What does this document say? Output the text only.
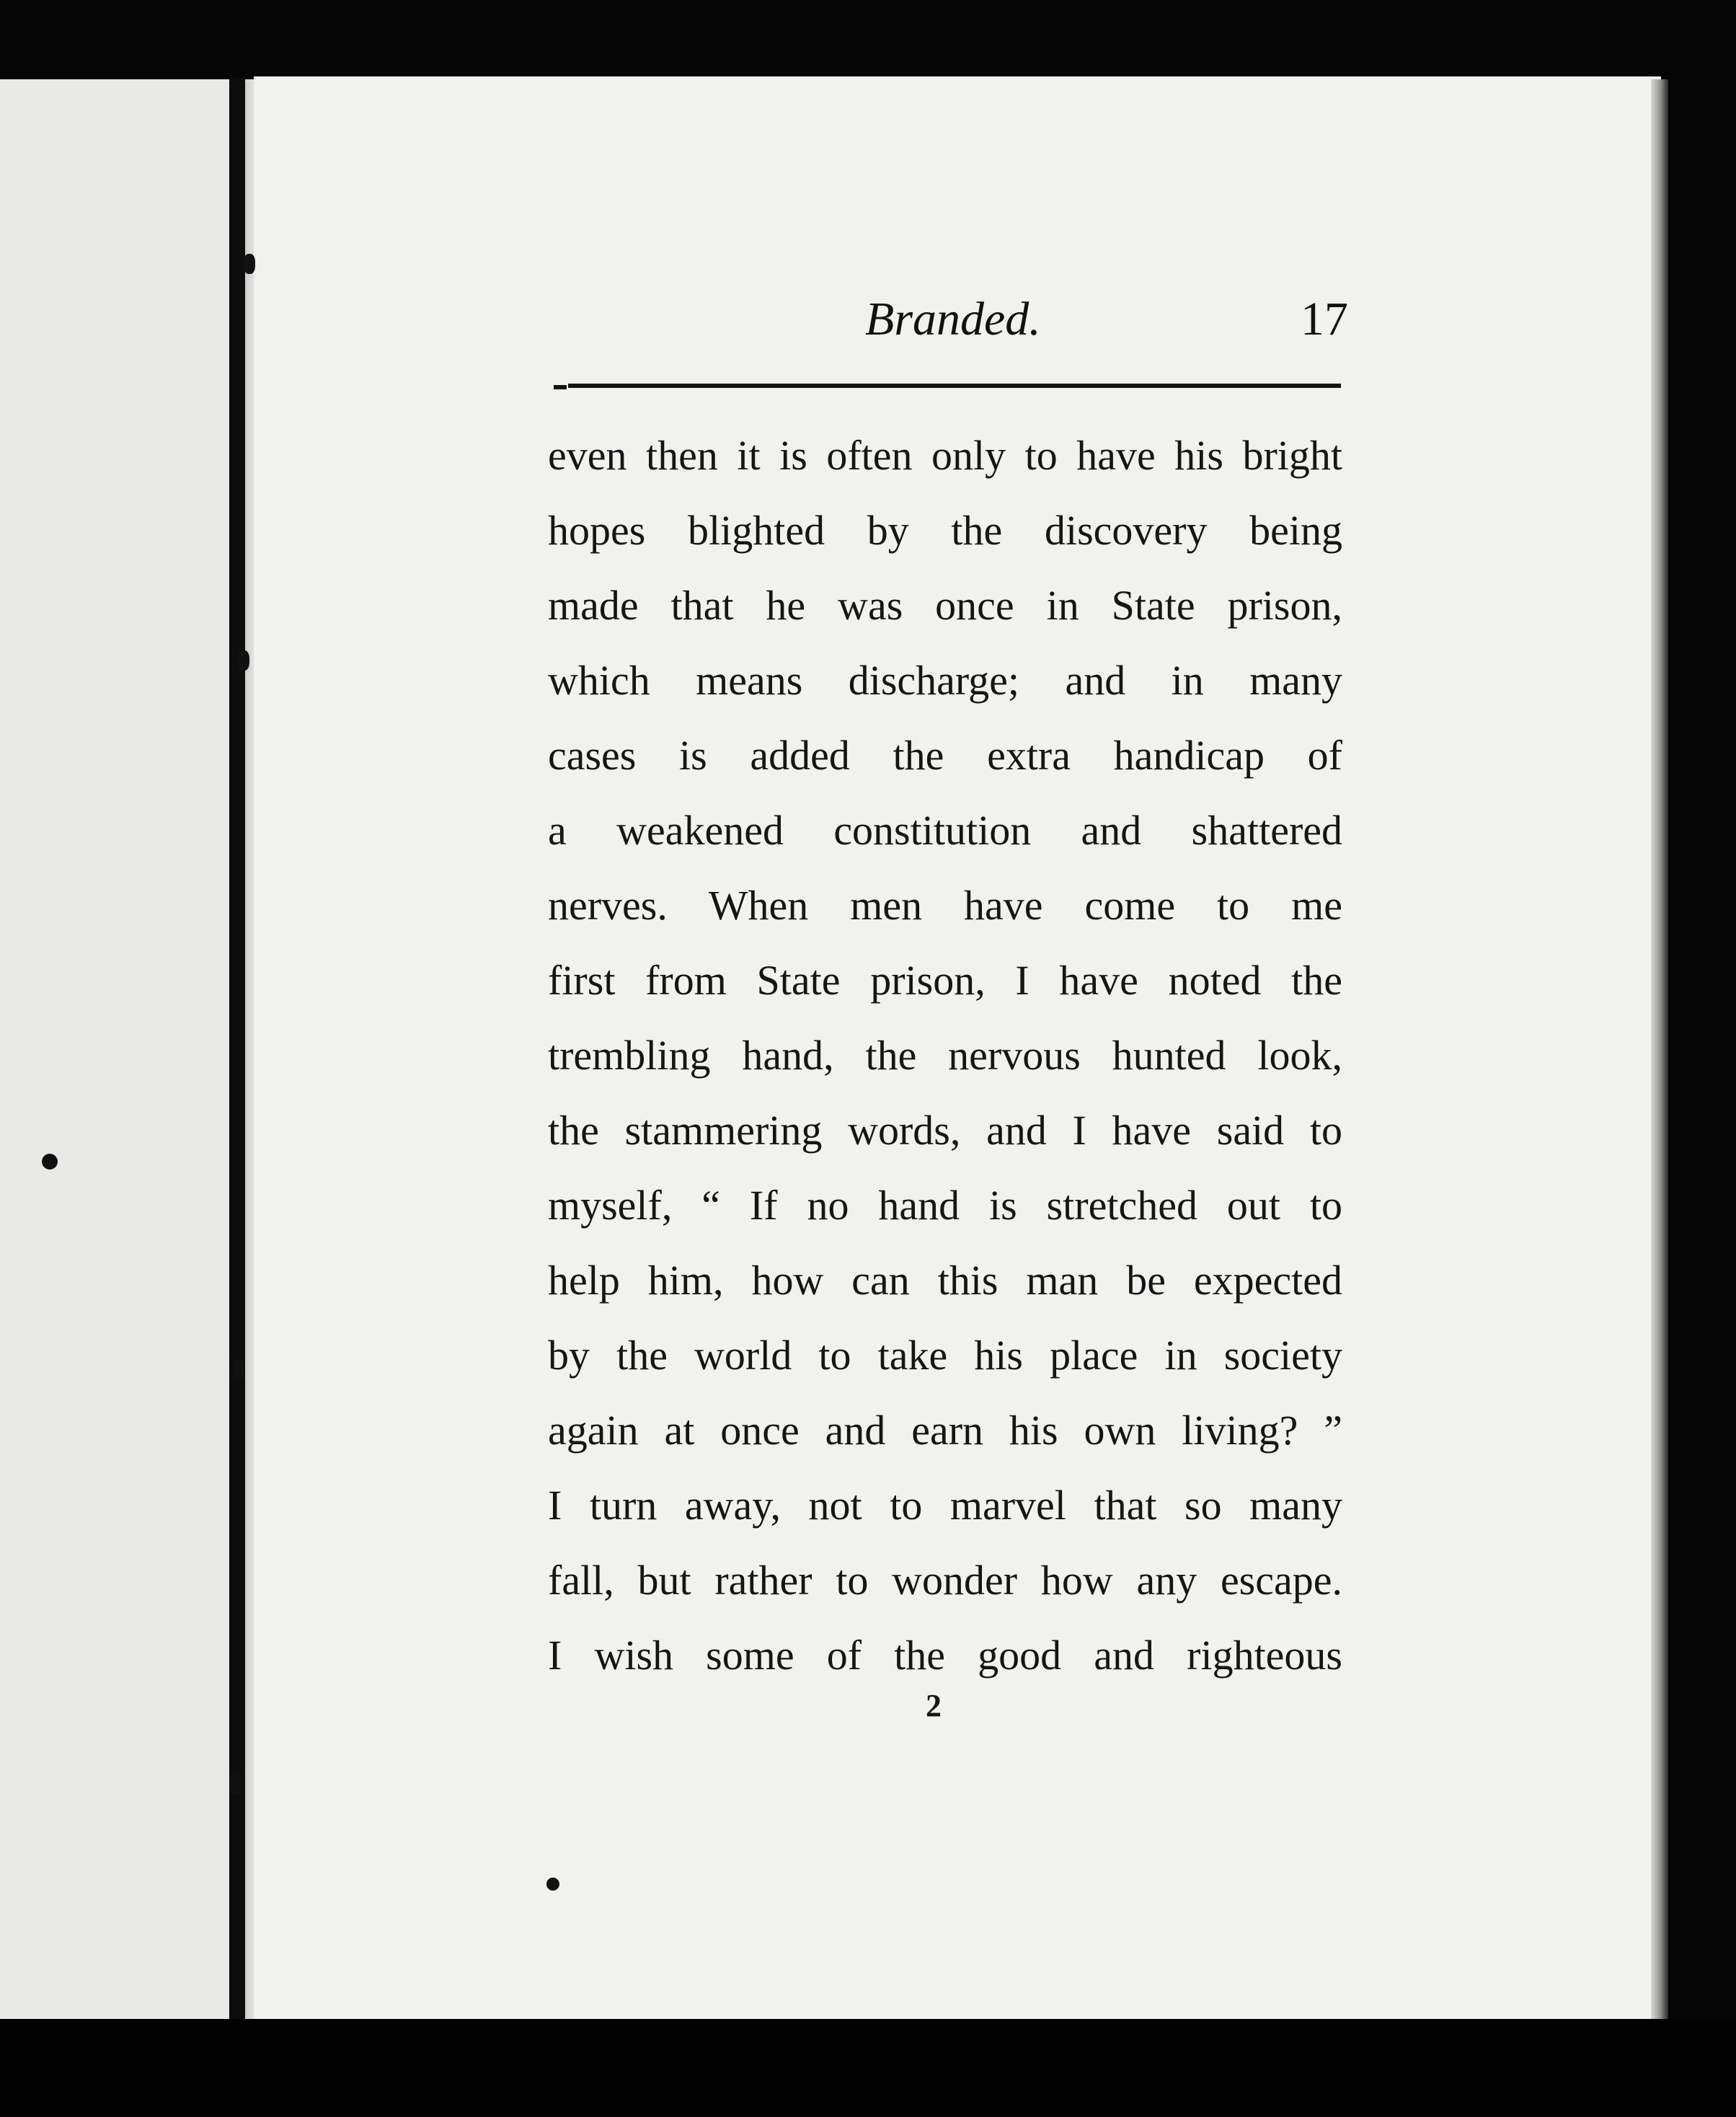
Branded.	17
even then it is often only to have his bright
hopes blighted by the discovery being
made that he was once in State prison,
which means discharge; and in many
cases is added the extra handicap of
a weakened constitution and shattered
nerves. When men have come to me
first from State prison, I have noted the
trembling hand, the nervous hunted look,
the stammering words, and I have said to
myself, “ If no hand is stretched out to
help him, how can this man be expected
by the world to take his place in society
again at once and earn his own living? ”
I turn away, not to marvel that so many
fall, but rather to wonder how any escape.
I wish some of the good and righteous
2
